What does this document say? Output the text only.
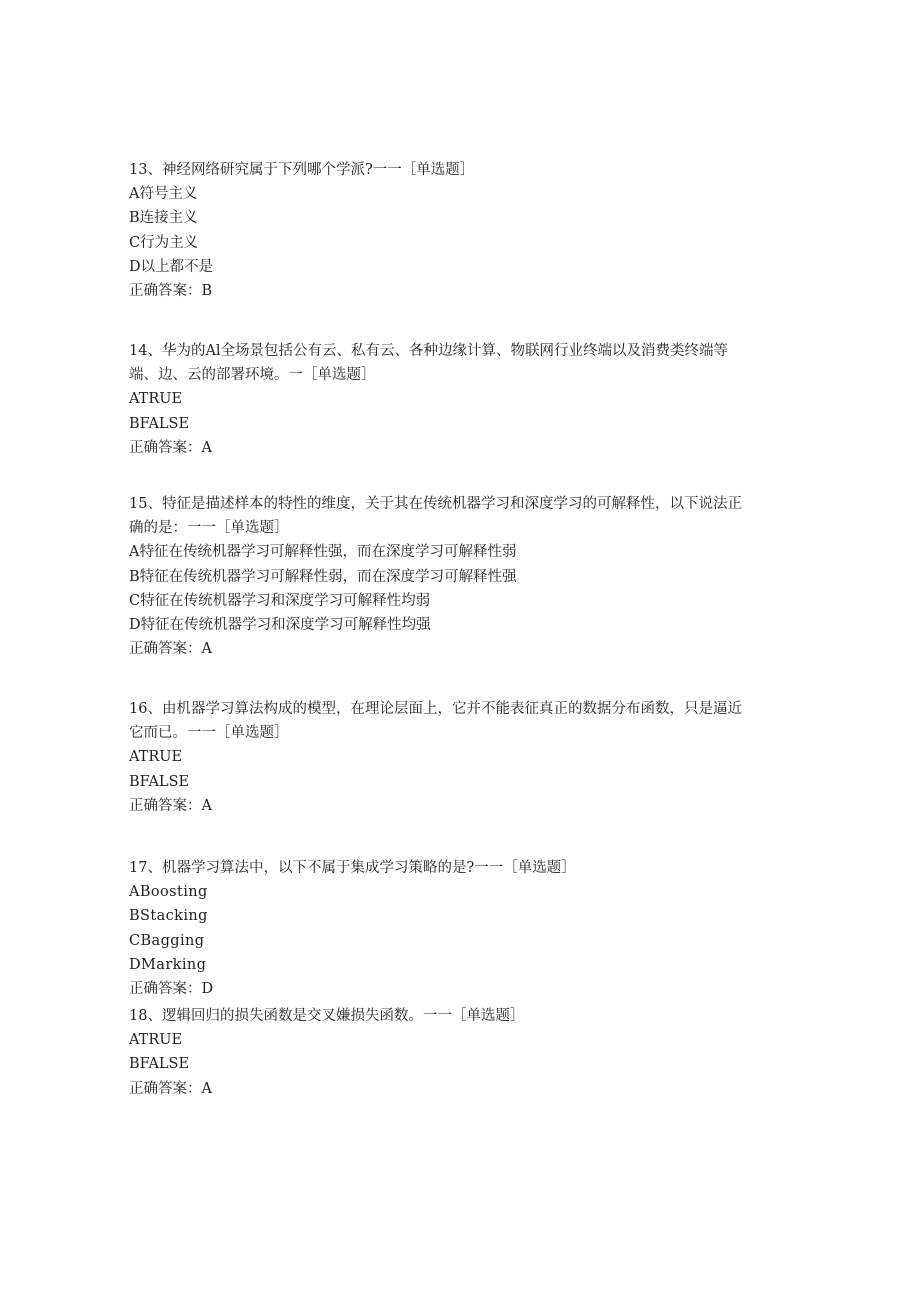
13、神经网络研究属于下列哪个学派?一一［单选题］
A符号主义
B连接主义
C行为主义
D以上都不是
正确答案：B
14、华为的Al全场景包括公有云、私有云、各种边缘计算、物联网行业终端以及消费类终端等
端、边、云的部署环境。一［单选题］
ATRUE
BFALSE
正确答案：A
15、特征是描述样本的特性的维度，关于其在传统机器学习和深度学习的可解释性，以下说法正
确的是：一一［单选题］
A特征在传统机器学习可解释性强，而在深度学习可解释性弱
B特征在传统机器学习可解释性弱，而在深度学习可解释性强
C特征在传统机器学习和深度学习可解释性均弱
D特征在传统机器学习和深度学习可解释性均强
正确答案：A
16、由机器学习算法构成的模型，在理论层面上，它并不能表征真正的数据分布函数，只是逼近
它而已。一一［单选题］
ATRUE
BFALSE
正确答案：A
17、机器学习算法中，以下不属于集成学习策略的是?一一［单选题］
ABoosting
BStacking
CBagging
DMarking
正确答案：D
18、逻辑回归的损失函数是交叉嫌损失函数。一一［单选题］
ATRUE
BFALSE
正确答案：A
